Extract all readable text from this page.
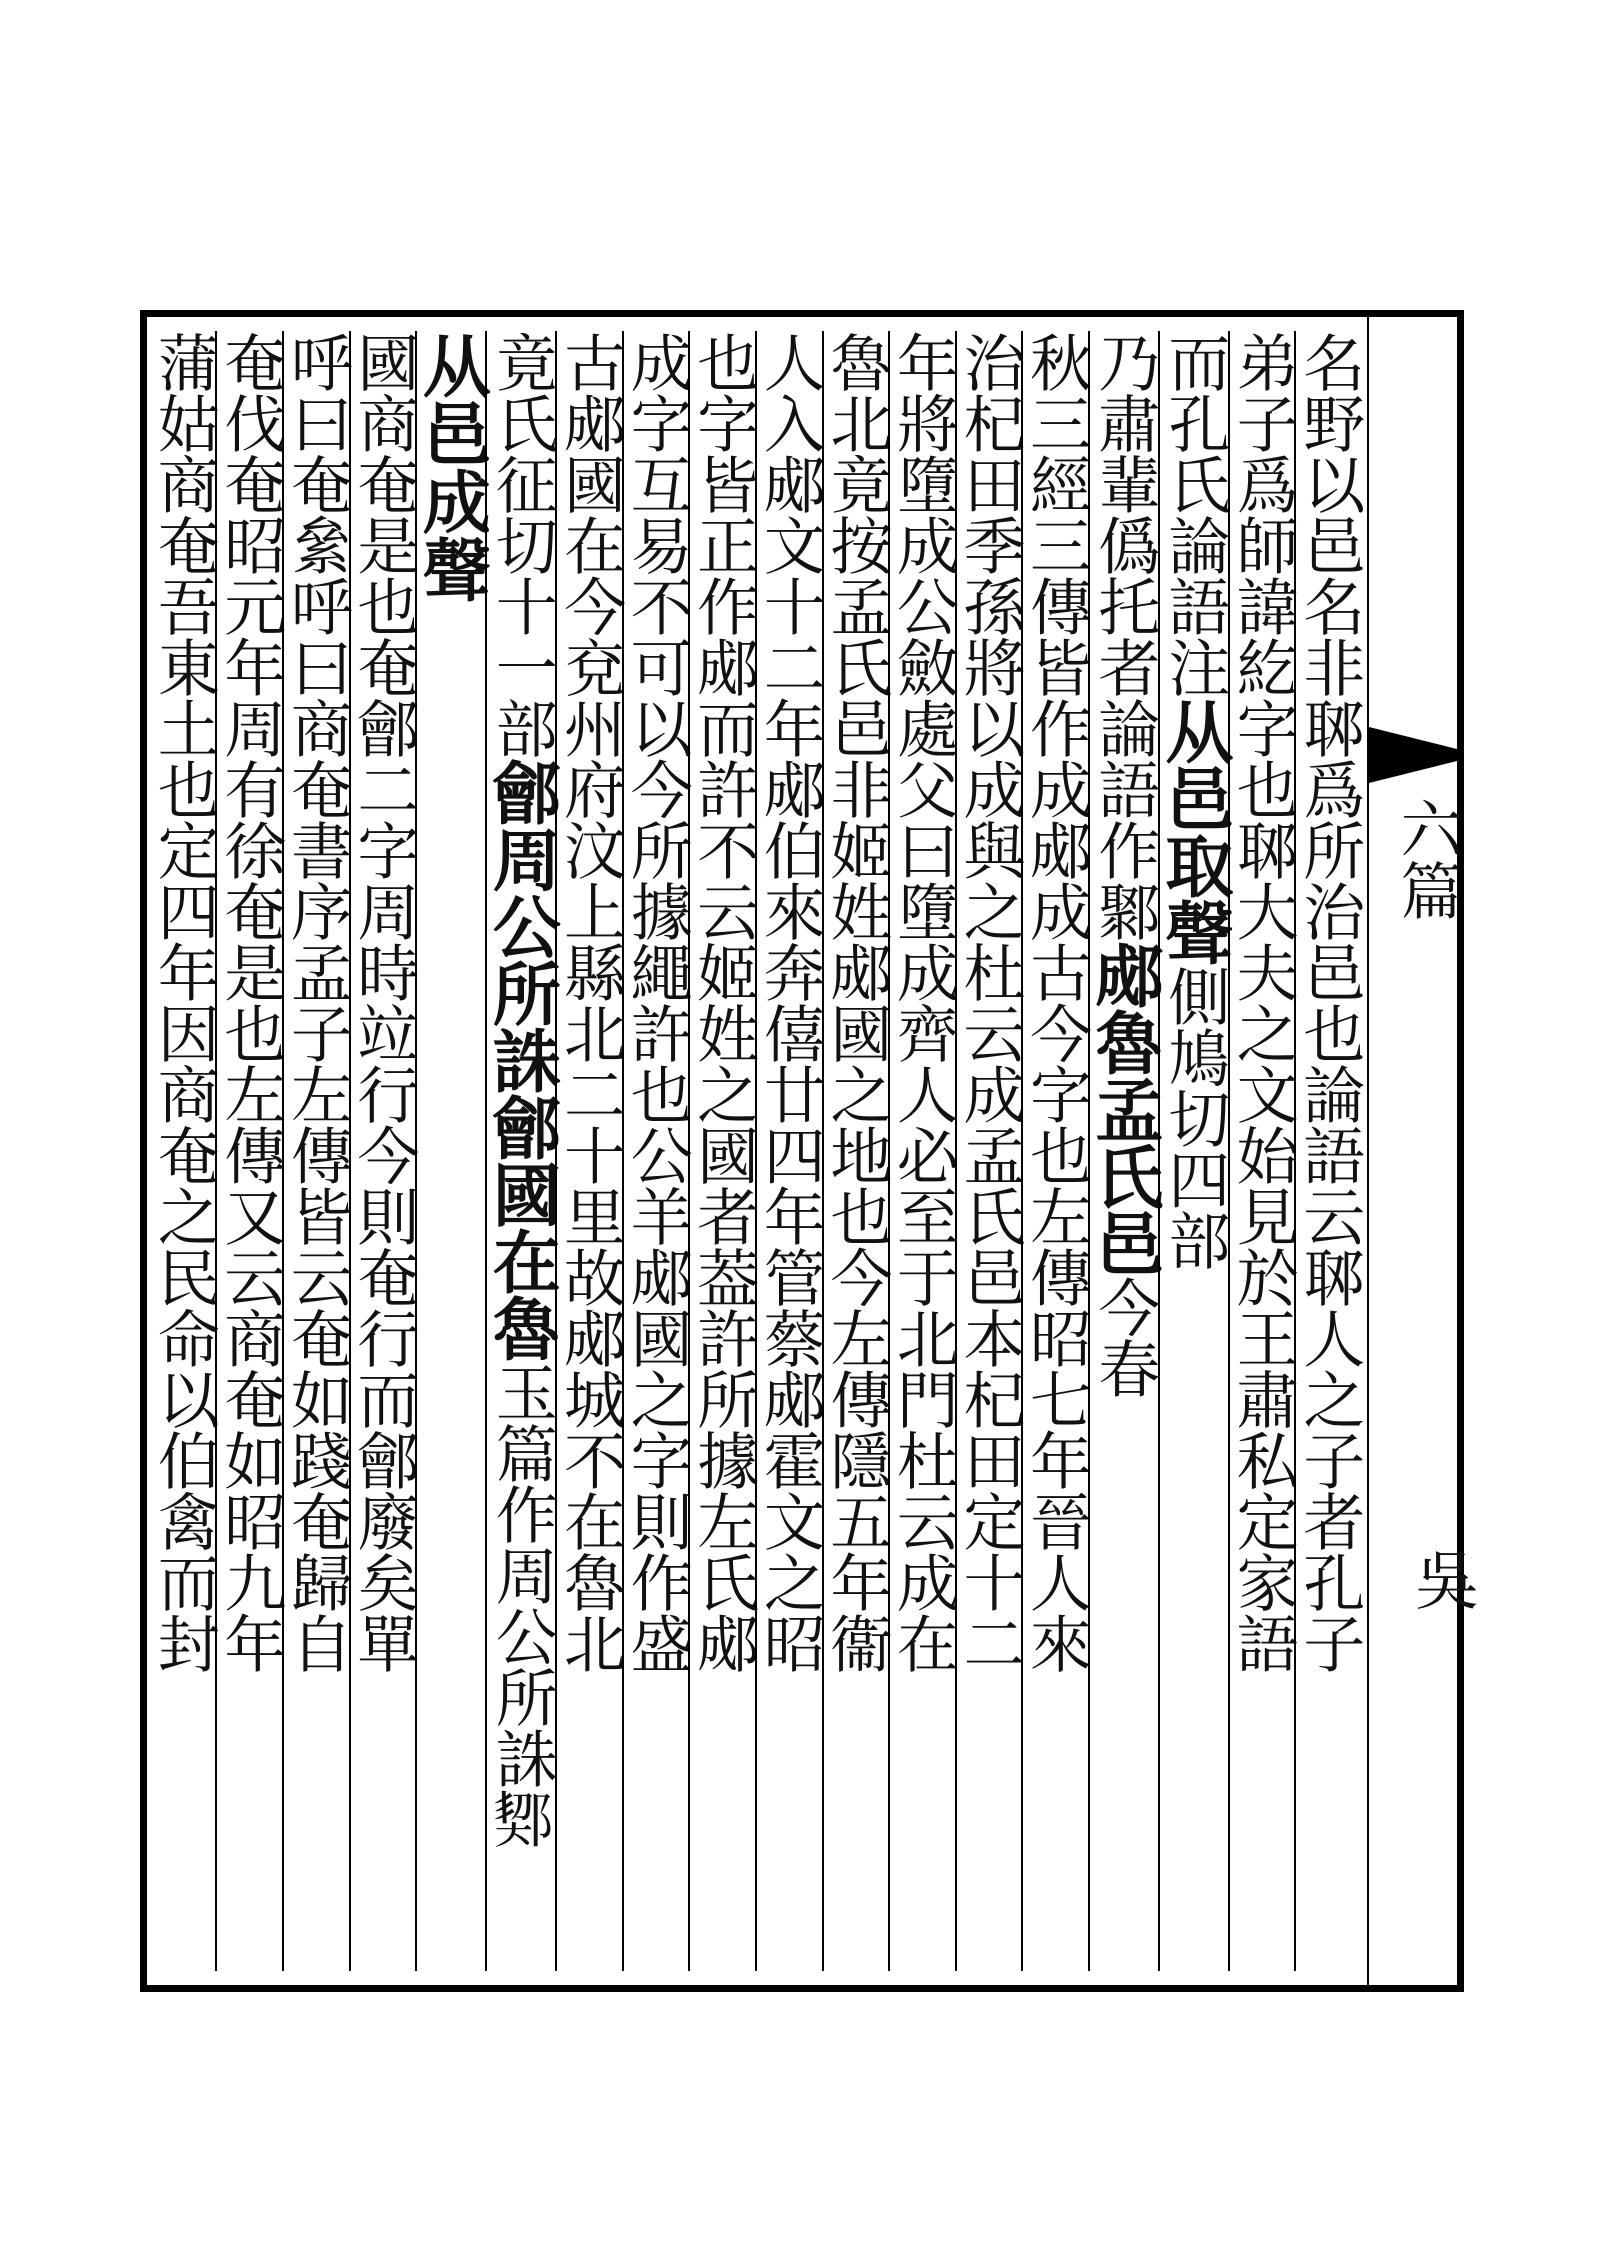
名野以邑名非郰爲所治邑也論語云郰人之子者孔子
弟子爲師諱紇字也郰大夫之文始見於王肅私定家語
而孔氏論語注从邑取聲側鳩切四部
乃肅輩僞托者論語作鄹郕魯孟氏邑今春
秋三經三傳皆作成郕成古今字也左傳昭七年晉人來
治杞田季孫將以成與之杜云成孟氏邑本杞田定十二
年將墮成公斂處父曰墮成齊人必至于北門杜云成在
魯北竟按孟氏邑非姬姓郕國之地也今左傳隱五年衞
人入郕文十二年郕伯來奔僖廿四年管蔡郕霍文之昭
也字皆正作郕而許不云姬姓之國者葢許所據左氏郕
成字互易不可以今所據繩許也公羊郕國之字則作盛
古郕國在今兗州府汶上縣北二十里故郕城不在魯北
竟氏征切十一部鄶周公所誅鄶國在魯玉篇作周公所誅𨜒
从邑成聲
國商奄是也奄鄶二字周時竝行今則奄行而鄶廢矣單
呼曰奄絫呼曰商奄書序孟子左傳皆云奄如踐奄歸自
奄伐奄昭元年周有徐奄是也左傳又云商奄如昭九年
蒲姑商奄吾東土也定四年因商奄之民命以伯禽而封	六篇
吳
